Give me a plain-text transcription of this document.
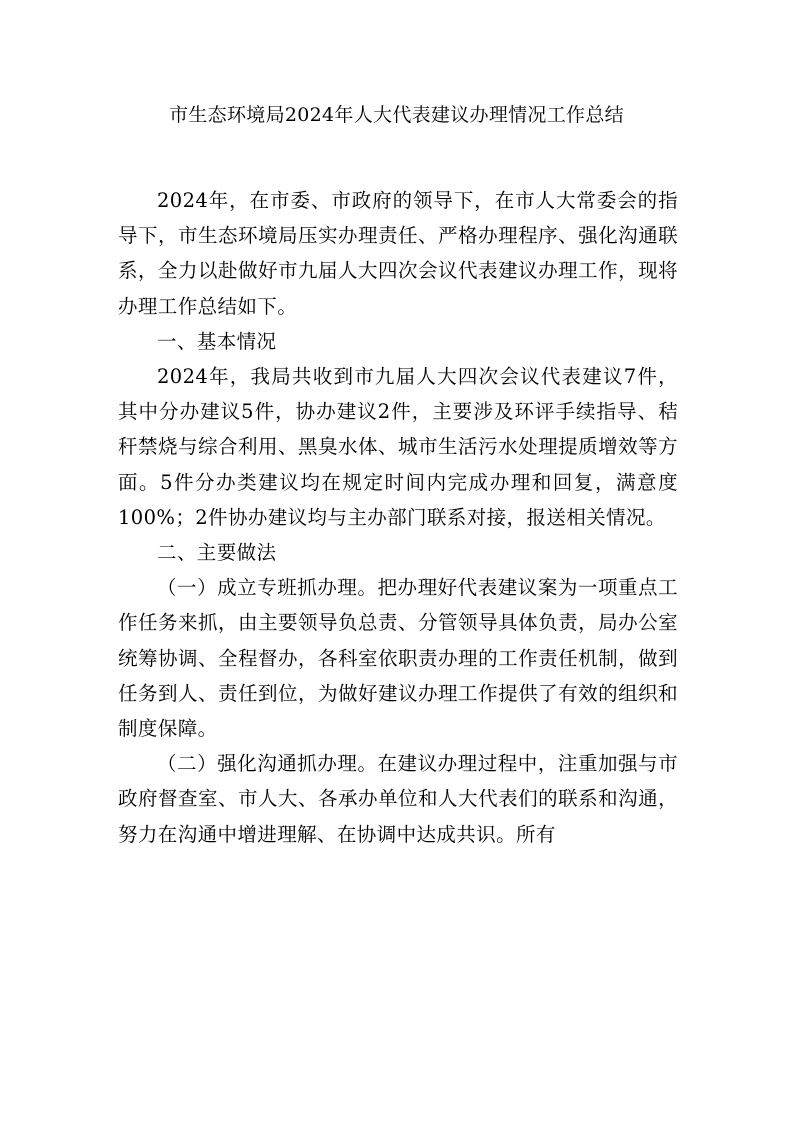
市生态环境局2024年人大代表建议办理情况工作总结

2024年，在市委、市政府的领导下，在市人大常委会的指导下，市生态环境局压实办理责任、严格办理程序、强化沟通联系，全力以赴做好市九届人大四次会议代表建议办理工作，现将办理工作总结如下。

一、基本情况

2024年，我局共收到市九届人大四次会议代表建议7件，其中分办建议5件，协办建议2件，主要涉及环评手续指导、秸秆禁烧与综合利用、黑臭水体、城市生活污水处理提质增效等方面。5件分办类建议均在规定时间内完成办理和回复，满意度100%；2件协办建议均与主办部门联系对接，报送相关情况。

二、主要做法

（一）成立专班抓办理。把办理好代表建议案为一项重点工作任务来抓，由主要领导负总责、分管领导具体负责，局办公室统筹协调、全程督办，各科室依职责办理的工作责任机制，做到任务到人、责任到位，为做好建议办理工作提供了有效的组织和制度保障。

（二）强化沟通抓办理。在建议办理过程中，注重加强与市政府督查室、市人大、各承办单位和人大代表们的联系和沟通，努力在沟通中增进理解、在协调中达成共识。所有
